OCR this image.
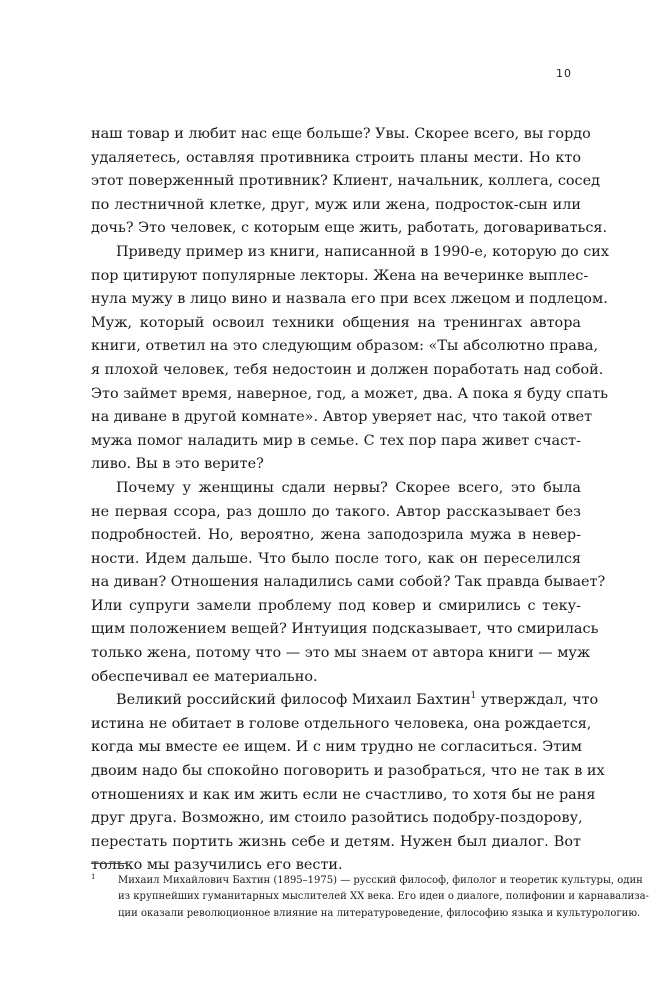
10

наш товар и любит нас еще больше? Увы. Скорее всего, вы гордо
удаляетесь, оставляя противника строить планы мести. Но кто
этот поверженный противник? Клиент, начальник, коллега, сосед
по лестничной клетке, друг, муж или жена, подросток-сын или
дочь? Это человек, с которым еще жить, работать, договариваться.

Приведу пример из книги, написанной в 1990-е, которую до сих
пор цитируют популярные лекторы. Жена на вечеринке выплес-
нула мужу в лицо вино и назвала его при всех лжецом и подлецом.
Муж, который освоил техники общения на тренингах автора
книги, ответил на это следующим образом: «Ты абсолютно права,
я плохой человек, тебя недостоин и должен поработать над собой.
Это займет время, наверное, год, а может, два. А пока я буду спать
на диване в другой комнате». Автор уверяет нас, что такой ответ
мужа помог наладить мир в семье. С тех пор пара живет счаст-
ливо. Вы в это верите?

Почему у женщины сдали нервы? Скорее всего, это была
не первая ссора, раз дошло до такого. Автор рассказывает без
подробностей. Но, вероятно, жена заподозрила мужа в невер-
ности. Идем дальше. Что было после того, как он переселился
на диван? Отношения наладились сами собой? Так правда бывает?
Или супруги замели проблему под ковер и смирились с теку-
щим положением вещей? Интуиция подсказывает, что смирилась
только жена, потому что — это мы знаем от автора книги — муж
обеспечивал ее материально.

Великий российский философ Михаил Бахтин$^1$ утверждал, что
истина не обитает в голове отдельного человека, она рождается,
когда мы вместе ее ищем. И с ним трудно не согласиться. Этим
двоим надо бы спокойно поговорить и разобраться, что не так в их
отношениях и как им жить если не счастливо, то хотя бы не раня
друг друга. Возможно, им стоило разойтись подобру-поздорову,
перестать портить жизнь себе и детям. Нужен был диалог. Вот
только мы разучились его вести.

1 Михаил Михайлович Бахтин (1895–1975) — русский философ, филолог и теоретик культуры, один
из крупнейших гуманитарных мыслителей XX века. Его идеи о диалоге, полифонии и карнавализа-
ции оказали революционное влияние на литературоведение, философию языка и культурологию.
